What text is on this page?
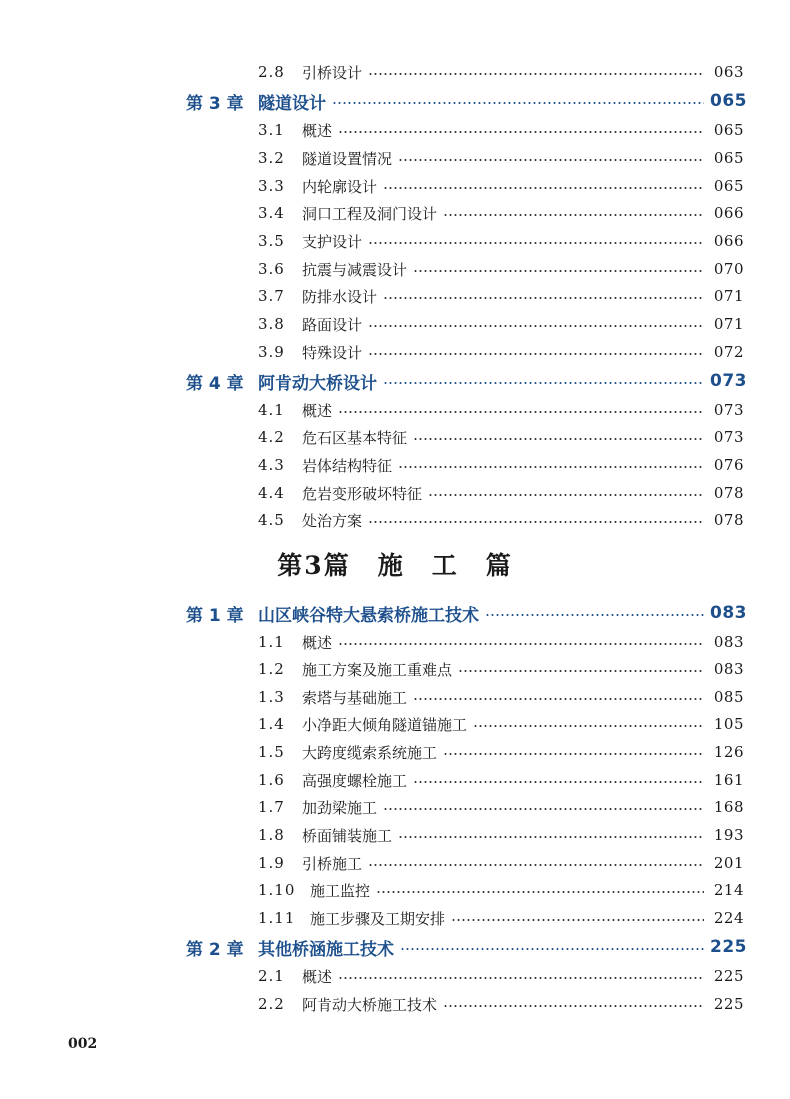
2.8	引桥设计	063
第 3 章 隧道设计	065
3.1	概述	065
3.2	隧道设置情况	065
3.3	内轮廓设计	065
3.4	洞口工程及洞门设计	066
3.5	支护设计	066
3.6	抗震与减震设计	070
3.7	防排水设计	071
3.8	路面设计	071
3.9	特殊设计	072
第 4 章 阿肯动大桥设计	073
4.1	概述	073
4.2	危石区基本特征	073
4.3	岩体结构特征	076
4.4	危岩变形破坏特征	078
4.5	处治方案	078
第3篇　施　工　篇
第 1 章 山区峡谷特大悬索桥施工技术	083
1.1	概述	083
1.2	施工方案及施工重难点	083
1.3	索塔与基础施工	085
1.4	小净距大倾角隧道锚施工	105
1.5	大跨度缆索系统施工	126
1.6	高强度螺栓施工	161
1.7	加劲梁施工	168
1.8	桥面铺装施工	193
1.9	引桥施工	201
1.10 施工监控	214
1.11 施工步骤及工期安排	224
第 2 章 其他桥涵施工技术	225
2.1	概述	225
2.2	阿肯动大桥施工技术	225
002
